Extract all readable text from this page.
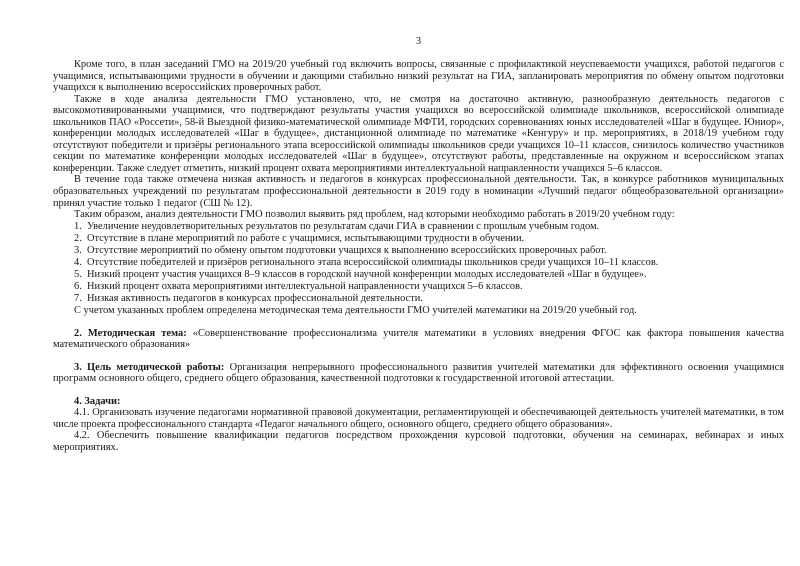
3

Кроме того, в план заседаний ГМО на 2019/20 учебный год включить вопросы, связанные с профилактикой неуспеваемости учащихся, работой педагогов с учащимися, испытывающими трудности в обучении и дающими стабильно низкий результат на ГИА, запланировать мероприятия по обмену опытом подготовки учащихся к выполнению всероссийских проверочных работ.

Также в ходе анализа деятельности ГМО установлено, что, не смотря на достаточно активную, разнообразную деятельность педагогов с высокомотивированными учащимися, что подтверждают результаты участия учащихся во всероссийской олимпиаде школьников, всероссийской олимпиаде школьников ПАО «Россети», 58-й Выездной физико-математической олимпиаде МФТИ, городских соревнованиях юных исследователей «Шаг в будущее. Юниор», конференции молодых исследователей «Шаг в будущее», дистанционной олимпиаде по математике «Кенгуру» и пр. мероприятиях, в 2018/19 учебном году отсутствуют победители и призёры регионального этапа всероссийской олимпиады школьников среди учащихся 10–11 классов, снизилось количество участников секции по математике конференции молодых исследователей «Шаг в будущее», отсутствуют работы, представленные на окружном и всероссийском этапах конференции. Также следует отметить, низкий процент охвата мероприятиями интеллектуальной направленности учащихся 5–6 классов.

В течение года также отмечена низкая активность и педагогов в конкурсах профессиональной деятельности. Так, в конкурсе работников муниципальных образовательных учреждений по результатам профессиональной деятельности в 2019 году в номинации «Лучший педагог общеобразовательной организации» принял участие только 1 педагог (СШ № 12).

Таким образом, анализ деятельности ГМО позволил выявить ряд проблем, над которыми необходимо работать в 2019/20 учебном году:

1. Увеличение неудовлетворительных результатов по результатам сдачи ГИА в сравнении с прошлым учебным годом.

2. Отсутствие в плане мероприятий по работе с учащимися, испытывающими трудности в обучении.

3. Отсутствие мероприятий по обмену опытом подготовки учащихся к выполнению всероссийских проверочных работ.

4. Отсутствие победителей и призёров регионального этапа всероссийской олимпиады школьников среди учащихся 10–11 классов.

5. Низкий процент участия учащихся 8–9 классов в городской научной конференции молодых исследователей «Шаг в будущее».

6. Низкий процент охвата мероприятиями интеллектуальной направленности учащихся 5–6 классов.

7. Низкая активность педагогов в конкурсах профессиональной деятельности.

С учетом указанных проблем определена методическая тема деятельности ГМО учителей математики на 2019/20 учебный год.

2. Методическая тема: «Совершенствование профессионализма учителя математики в условиях внедрения ФГОС как фактора повышения качества математического образования»

3. Цель методической работы: Организация непрерывного профессионального развития учителей математики для эффективного освоения учащимися программ основного общего, среднего общего образования, качественной подготовки к государственной итоговой аттестации.

4. Задачи:

4.1. Организовать изучение педагогами нормативной правовой документации, регламентирующей и обеспечивающей деятельность учителей математики, в том числе проекта профессионального стандарта «Педагог начального общего, основного общего, среднего общего образования».

4.2. Обеспечить повышение квалификации педагогов посредством прохождения курсовой подготовки, обучения на семинарах, вебинарах и иных мероприятиях.
